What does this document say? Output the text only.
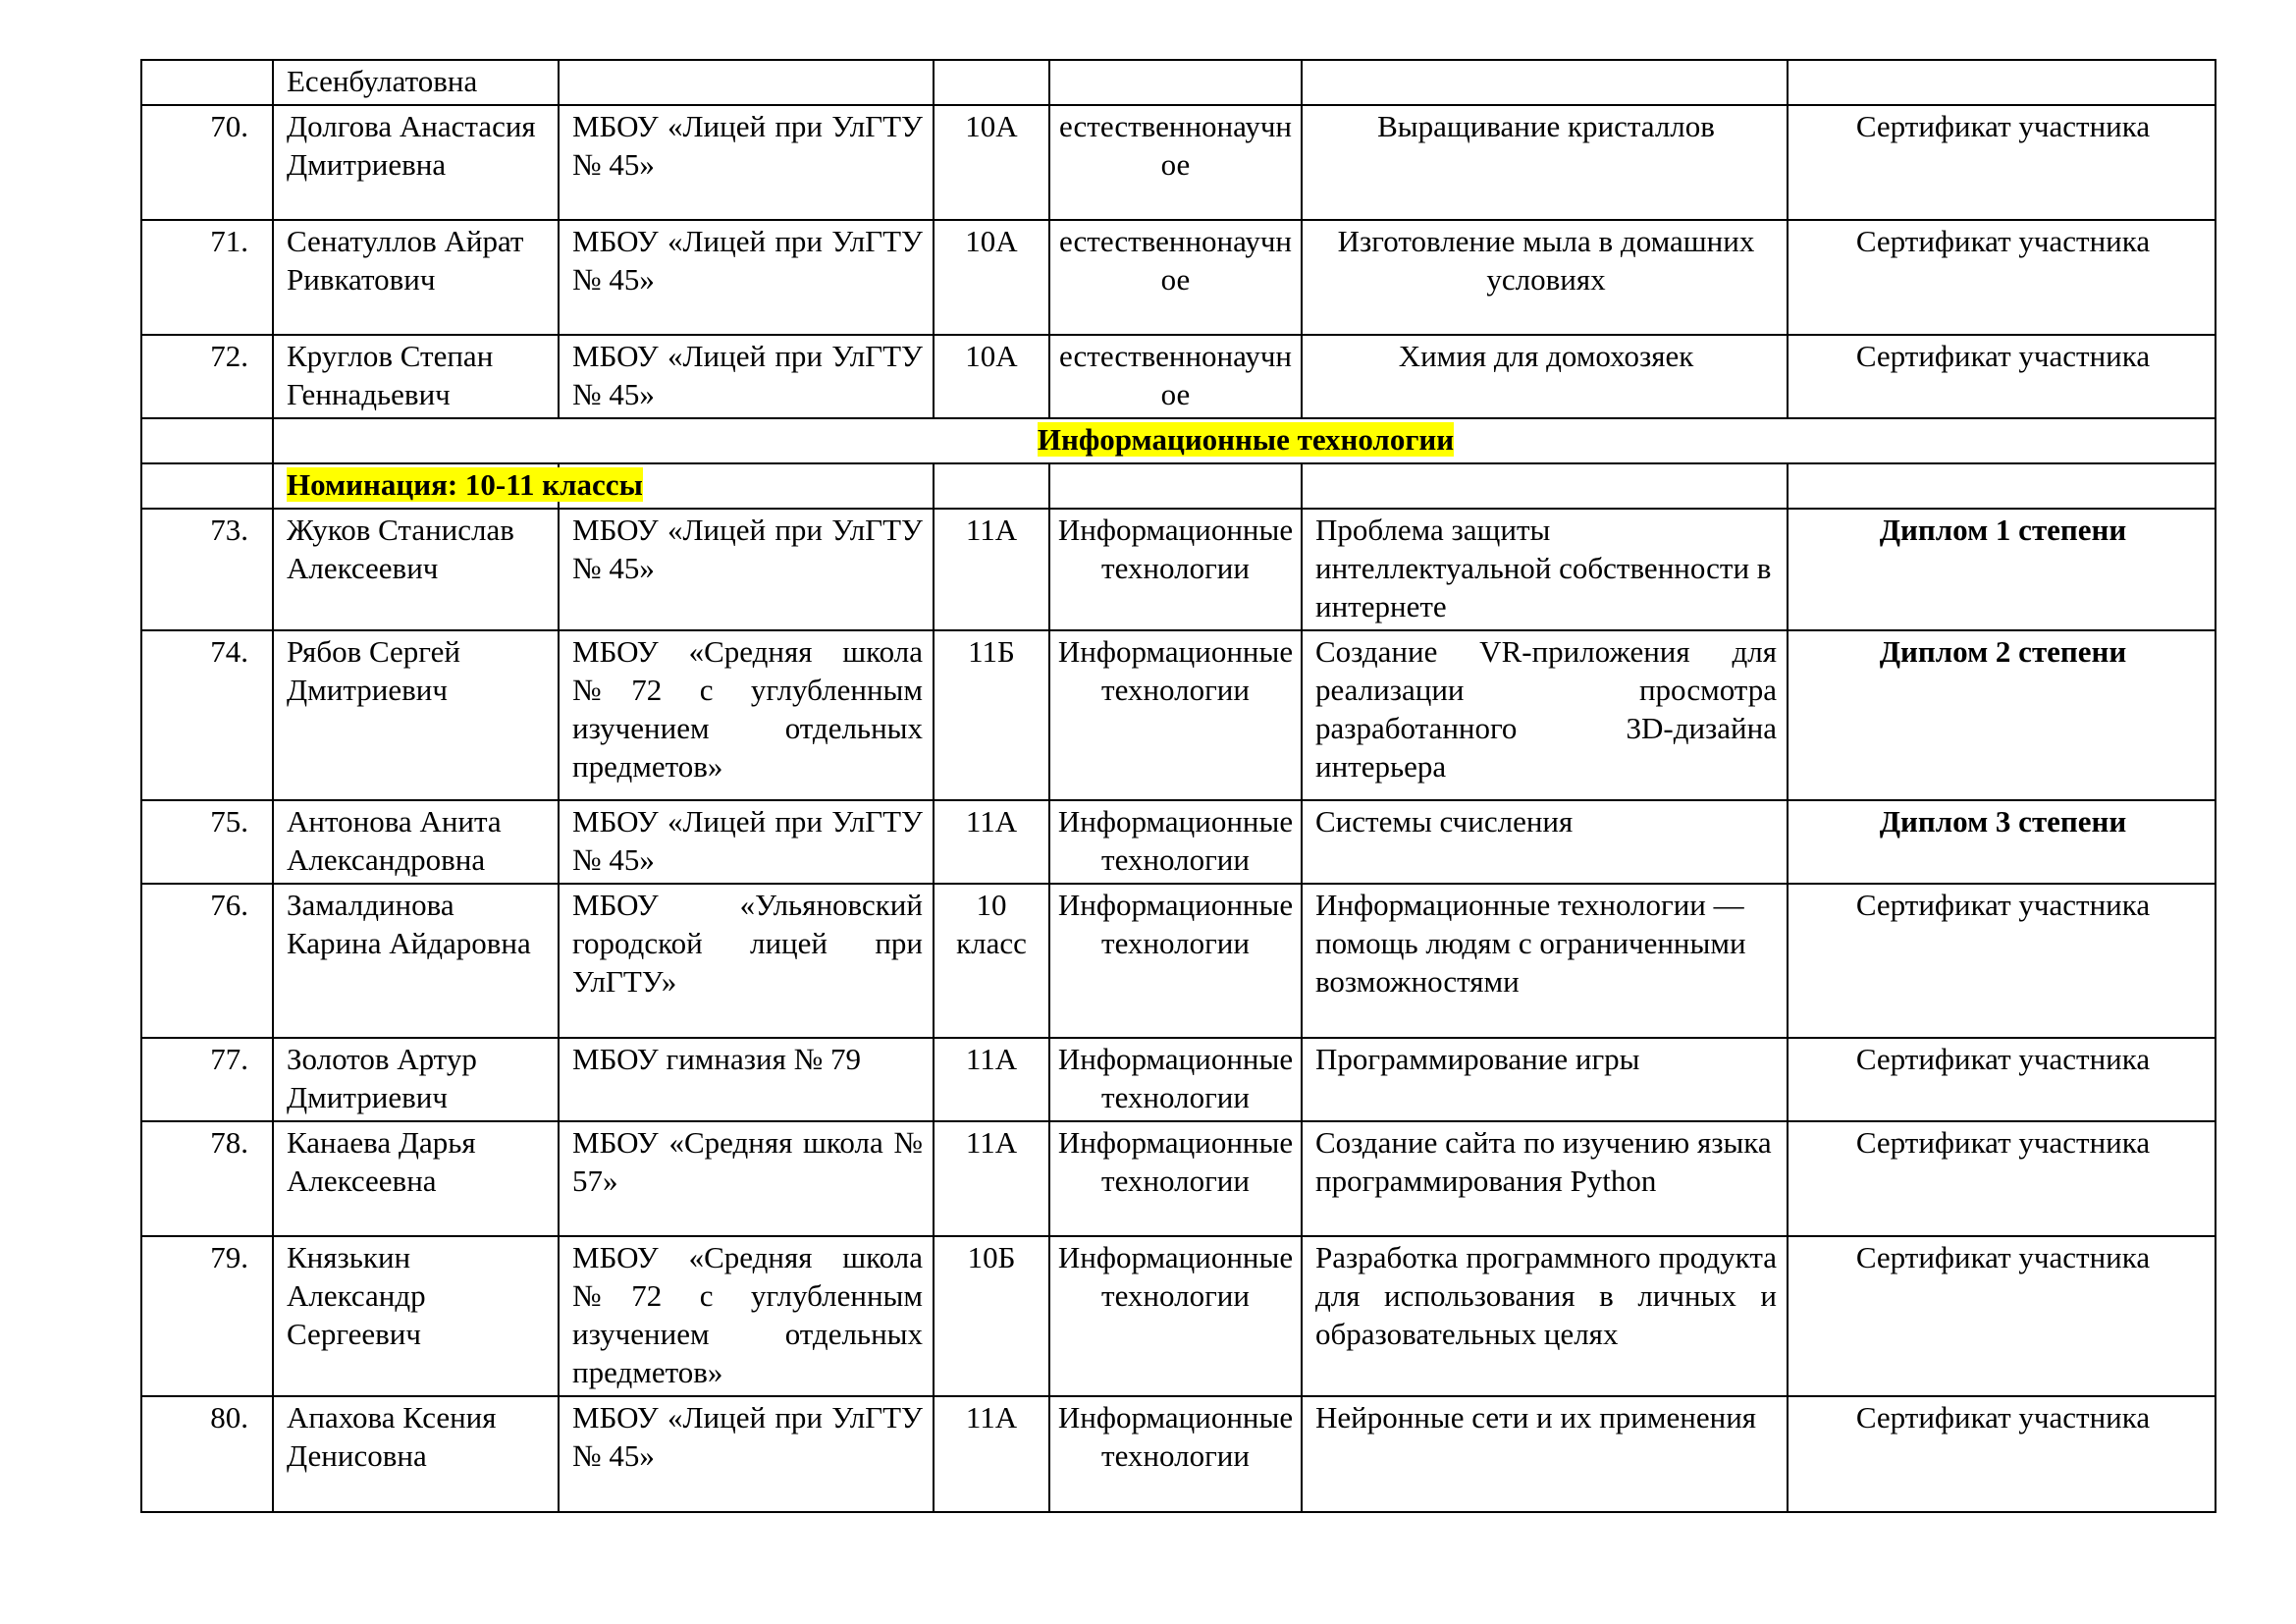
	Есенбулатовна					
70.	Долгова Анастасия Дмитриевна	МБОУ «Лицей при УлГТУ № 45»	10А	естественнонаучное	Выращивание кристаллов	Сертификат участника
71.	Сенатуллов Айрат Ривкатович	МБОУ «Лицей при УлГТУ № 45»	10А	естественнонаучное	Изготовление мыла в домашних условиях	Сертификат участника
72.	Круглов Степан Геннадьевич	МБОУ «Лицей при УлГТУ № 45»	10А	естественнонаучное	Химия для домохозяек	Сертификат участника
	Информационные технологии					
	Номинация: 10-11 классы					
73.	Жуков Станислав Алексеевич	МБОУ «Лицей при УлГТУ № 45»	11А	Информационные технологии	Проблема защиты интеллектуальной собственности в интернете	Диплом 1 степени
74.	Рябов Сергей Дмитриевич	МБОУ «Средняя школа №72 с углубленным изучением отдельных предметов»	11Б	Информационные технологии	Создание VR-приложения для реализации просмотра разработанного 3D-дизайна интерьера	Диплом 2 степени
75.	Антонова Анита Александровна	МБОУ «Лицей при УлГТУ № 45»	11А	Информационные технологии	Системы счисления	Диплом 3 степени
76.	Замалдинова Карина Айдаровна	МБОУ «Ульяновский городской лицей при УлГТУ»	10 класс	Информационные технологии	Информационные технологии — помощь людям с ограниченными возможностями	Сертификат участника
77.	Золотов Артур Дмитриевич	МБОУ гимназия № 79	11А	Информационные технологии	Программирование игры	Сертификат участника
78.	Канаева Дарья Алексеевна	МБОУ «Средняя школа № 57»	11А	Информационные технологии	Создание сайта по изучению языка программирования Python	Сертификат участника
79.	Князькин Александр Сергеевич	МБОУ «Средняя школа №72 с углубленным изучением отдельных предметов»	10Б	Информационные технологии	Разработка программного продукта для использования в личных и образовательных целях	Сертификат участника
80.	Апахова Ксения Денисовна	МБОУ «Лицей при УлГТУ № 45»	11А	Информационные технологии	Нейронные сети и их применения	Сертификат участника
